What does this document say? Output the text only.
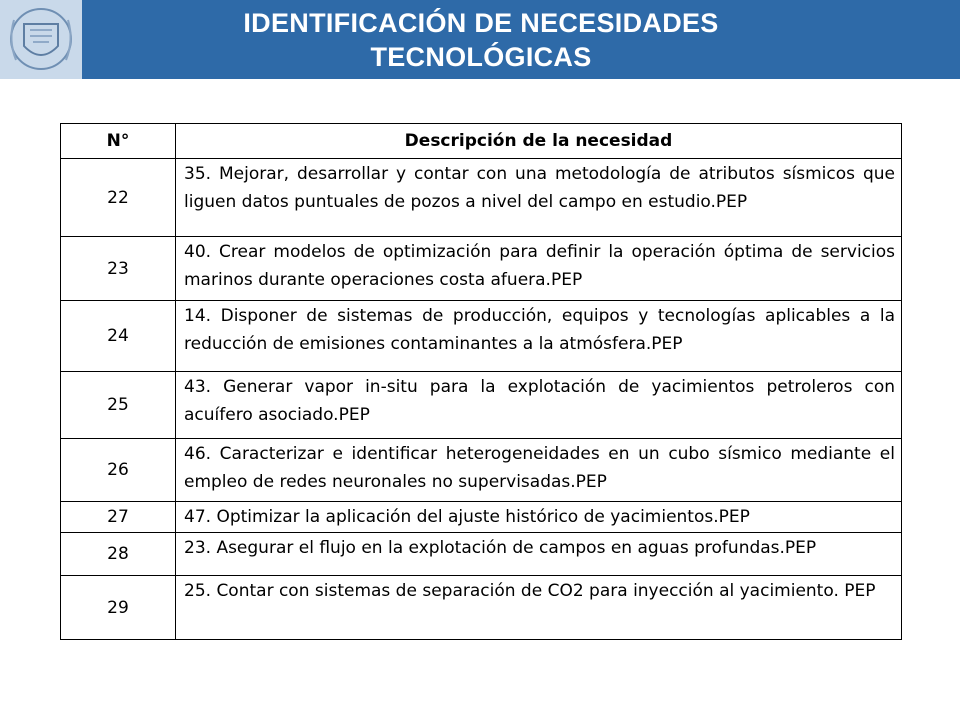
IDENTIFICACIÓN DE NECESIDADES
TECNOLÓGICAS
N°	Descripción de la necesidad
22	35. Mejorar, desarrollar y contar con una metodología de atributos sísmicos que liguen datos puntuales de pozos a nivel del campo en estudio.PEP
23	40. Crear modelos de optimización para definir la operación óptima de servicios marinos durante operaciones costa afuera.PEP
24	14. Disponer de sistemas de producción, equipos y tecnologías aplicables a la reducción de emisiones contaminantes a la atmósfera.PEP
25	43. Generar vapor in-situ para la explotación de yacimientos petroleros con acuífero asociado.PEP
26	46. Caracterizar e identificar heterogeneidades en un cubo sísmico mediante el empleo de redes neuronales no supervisadas.PEP
27	47. Optimizar la aplicación del ajuste histórico de yacimientos.PEP
28	23. Asegurar el flujo en la explotación de campos en aguas profundas.PEP
29	25. Contar con sistemas de separación de CO2 para inyección al yacimiento. PEP
